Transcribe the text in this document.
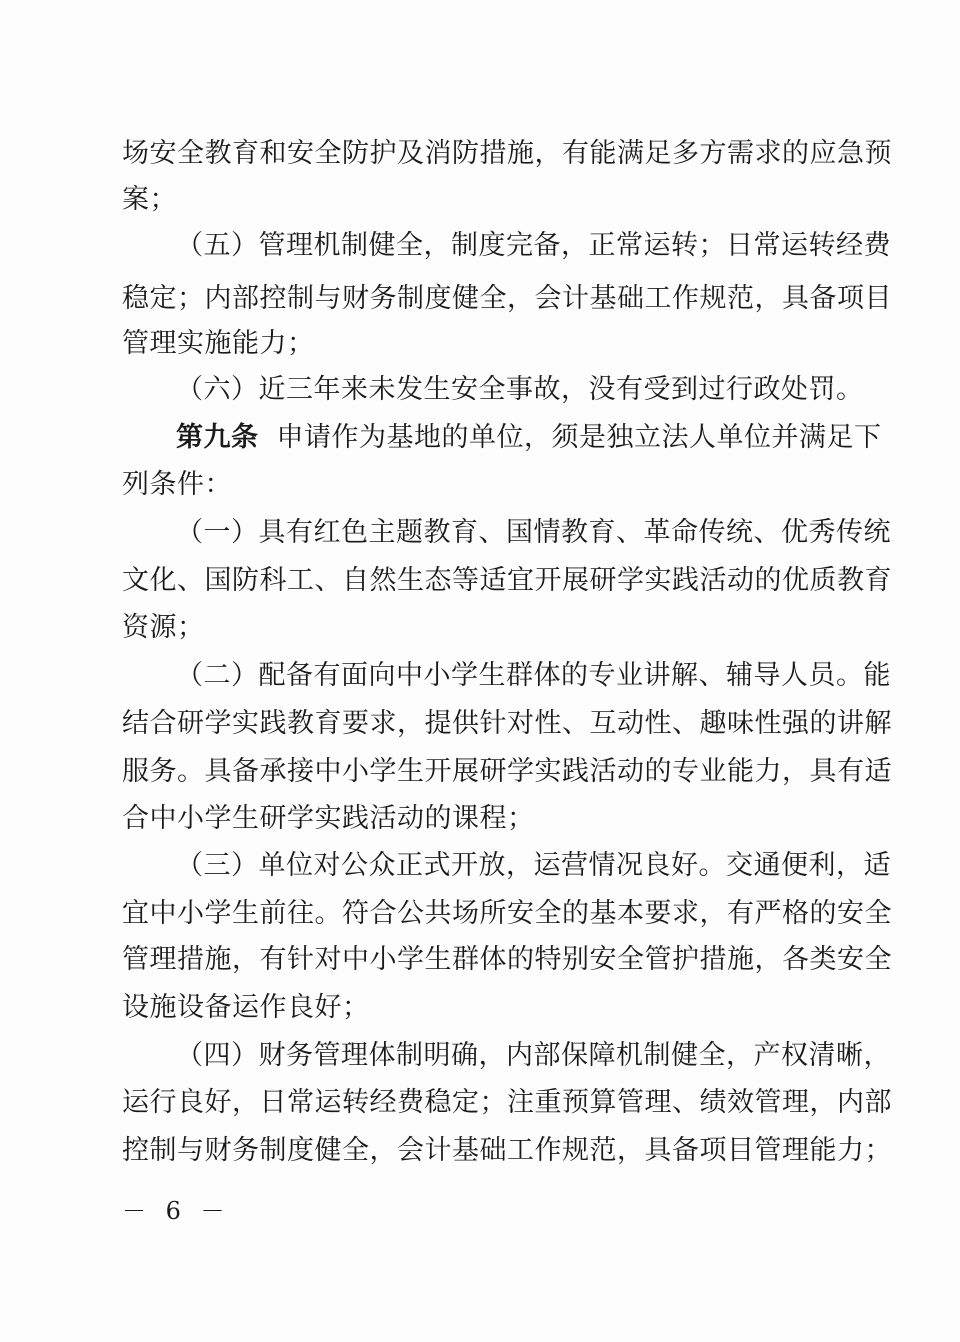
场安全教育和安全防护及消防措施，有能满足多方需求的应急预
案；
（五）管理机制健全，制度完备，正常运转；日常运转经费
稳定；内部控制与财务制度健全，会计基础工作规范，具备项目
管理实施能力；
（六）近三年来未发生安全事故，没有受到过行政处罚。
第九条 申请作为基地的单位，须是独立法人单位并满足下
列条件：
（一）具有红色主题教育、国情教育、革命传统、优秀传统
文化、国防科工、自然生态等适宜开展研学实践活动的优质教育
资源；
（二）配备有面向中小学生群体的专业讲解、辅导人员。能
结合研学实践教育要求，提供针对性、互动性、趣味性强的讲解
服务。具备承接中小学生开展研学实践活动的专业能力，具有适
合中小学生研学实践活动的课程；
（三）单位对公众正式开放，运营情况良好。交通便利，适
宜中小学生前往。符合公共场所安全的基本要求，有严格的安全
管理措施，有针对中小学生群体的特别安全管护措施，各类安全
设施设备运作良好；
（四）财务管理体制明确，内部保障机制健全，产权清晰，
运行良好，日常运转经费稳定；注重预算管理、绩效管理，内部
控制与财务制度健全，会计基础工作规范，具备项目管理能力；
－ 6 －
